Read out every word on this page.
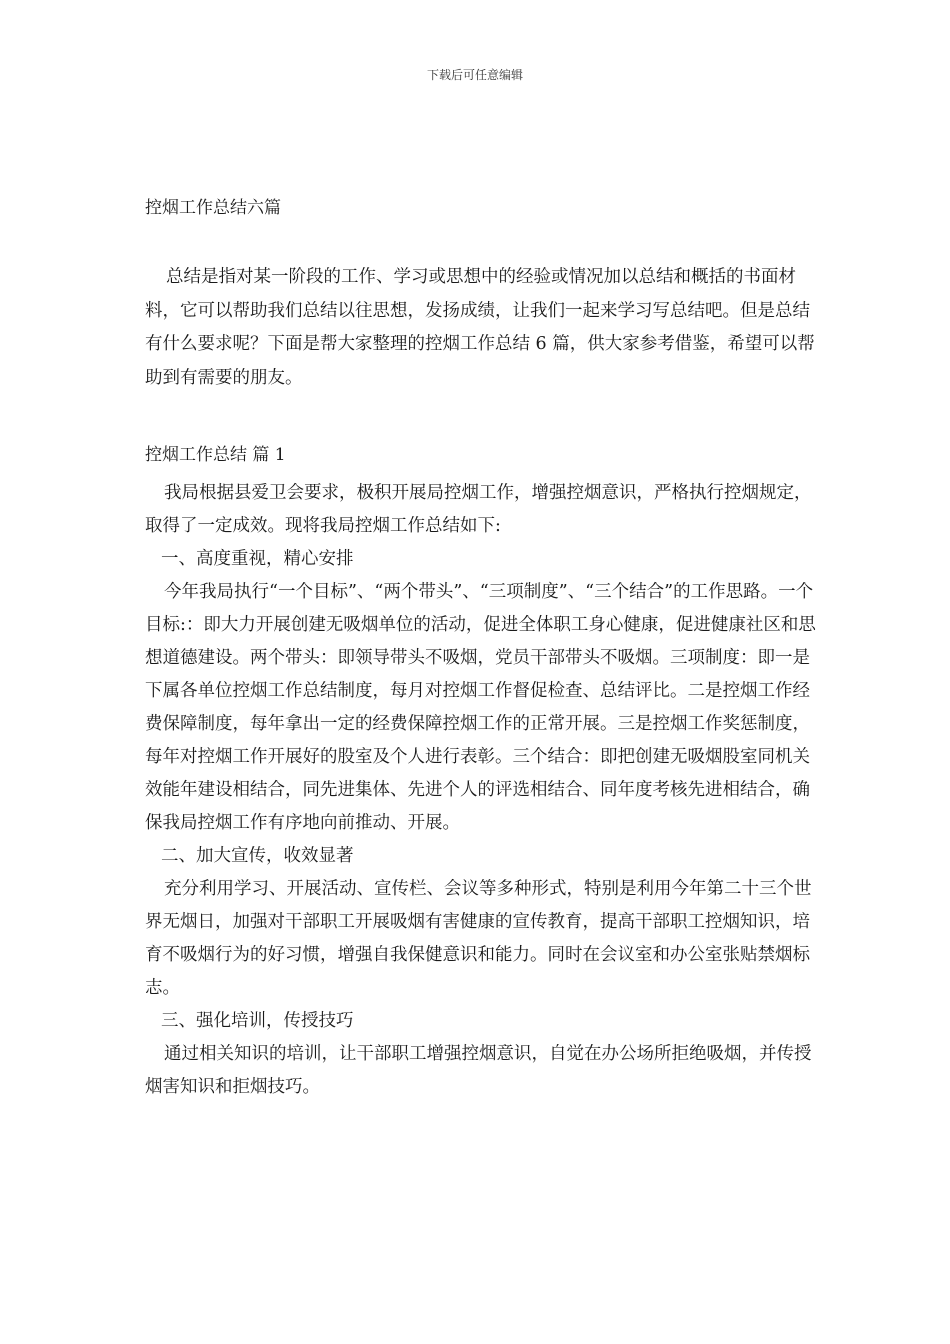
下载后可任意编辑
控烟工作总结六篇
总结是指对某一阶段的工作、学习或思想中的经验或情况加以总结和概括的书面材料，它可以帮助我们总结以往思想，发扬成绩，让我们一起来学习写总结吧。但是总结有什么要求呢？下面是帮大家整理的控烟工作总结 6 篇，供大家参考借鉴，希望可以帮助到有需要的朋友。
控烟工作总结 篇 1

我局根据县爱卫会要求，极积开展局控烟工作，增强控烟意识，严格执行控烟规定，取得了一定成效。现将我局控烟工作总结如下:

一、高度重视，精心安排

今年我局执行“一个目标”、“两个带头”、“三项制度”、“三个结合”的工作思路。一个目标:：即大力开展创建无吸烟单位的活动，促进全体职工身心健康，促进健康社区和思想道德建设。两个带头：即领导带头不吸烟，党员干部带头不吸烟。三项制度：即一是下属各单位控烟工作总结制度，每月对控烟工作督促检查、总结评比。二是控烟工作经费保障制度，每年拿出一定的经费保障控烟工作的正常开展。三是控烟工作奖惩制度，每年对控烟工作开展好的股室及个人进行表彰。三个结合：即把创建无吸烟股室同机关效能年建设相结合，同先进集体、先进个人的评选相结合、同年度考核先进相结合，确保我局控烟工作有序地向前推动、开展。

二、加大宣传，收效显著

充分利用学习、开展活动、宣传栏、会议等多种形式，特别是利用今年第二十三个世界无烟日，加强对干部职工开展吸烟有害健康的宣传教育，提高干部职工控烟知识，培育不吸烟行为的好习惯，增强自我保健意识和能力。同时在会议室和办公室张贴禁烟标志。

三、强化培训，传授技巧

通过相关知识的培训，让干部职工增强控烟意识，自觉在办公场所拒绝吸烟，并传授烟害知识和拒烟技巧。
